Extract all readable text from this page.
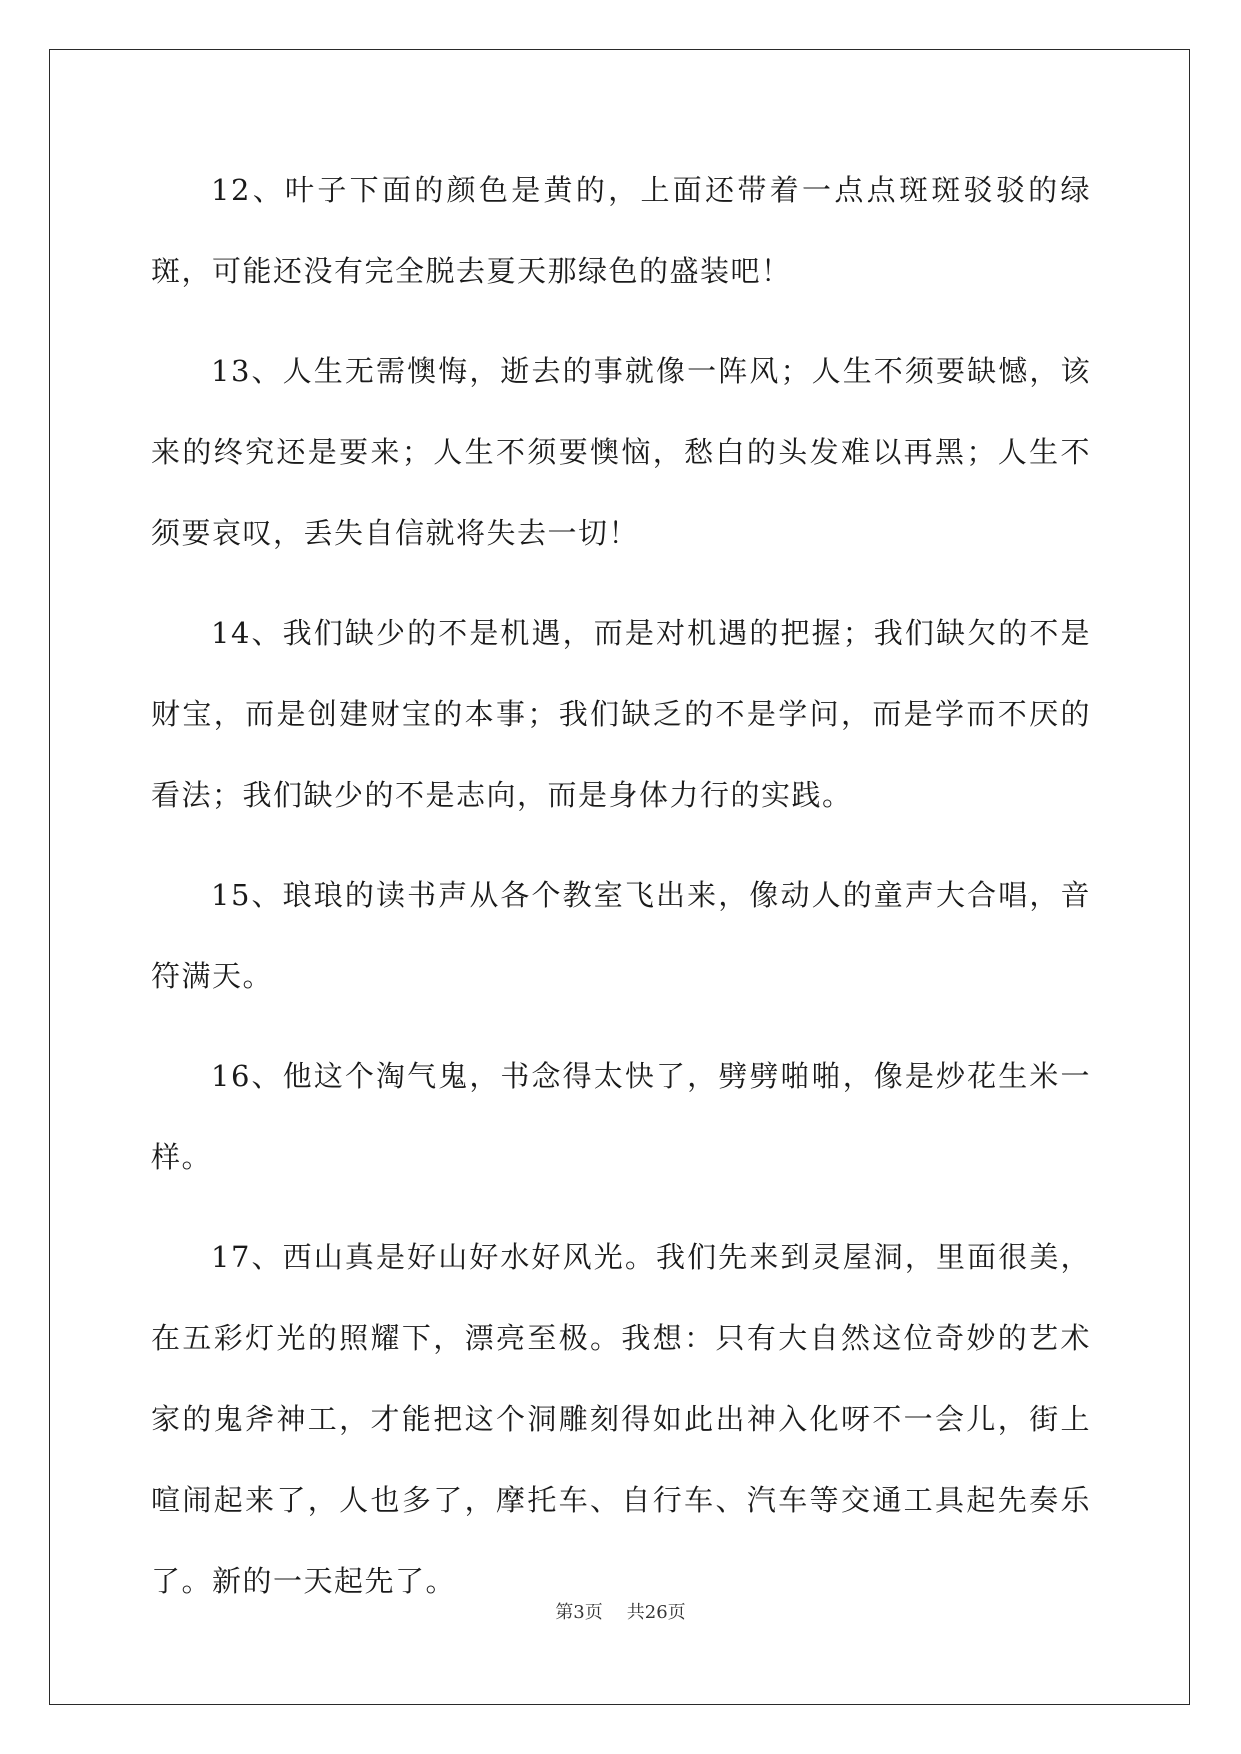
12、叶子下面的颜色是黄的，上面还带着一点点斑斑驳驳的绿斑，可能还没有完全脱去夏天那绿色的盛装吧！

13、人生无需懊悔，逝去的事就像一阵风；人生不须要缺憾，该来的终究还是要来；人生不须要懊恼，愁白的头发难以再黑；人生不须要哀叹，丢失自信就将失去一切！

14、我们缺少的不是机遇，而是对机遇的把握；我们缺欠的不是财宝，而是创建财宝的本事；我们缺乏的不是学问，而是学而不厌的看法；我们缺少的不是志向，而是身体力行的实践。

15、琅琅的读书声从各个教室飞出来，像动人的童声大合唱，音符满天。

16、他这个淘气鬼，书念得太快了，劈劈啪啪，像是炒花生米一样。

17、西山真是好山好水好风光。我们先来到灵屋洞，里面很美，在五彩灯光的照耀下，漂亮至极。我想：只有大自然这位奇妙的艺术家的鬼斧神工，才能把这个洞雕刻得如此出神入化呀不一会儿，街上喧闹起来了，人也多了，摩托车、自行车、汽车等交通工具起先奏乐了。新的一天起先了。

第3页 共26页
